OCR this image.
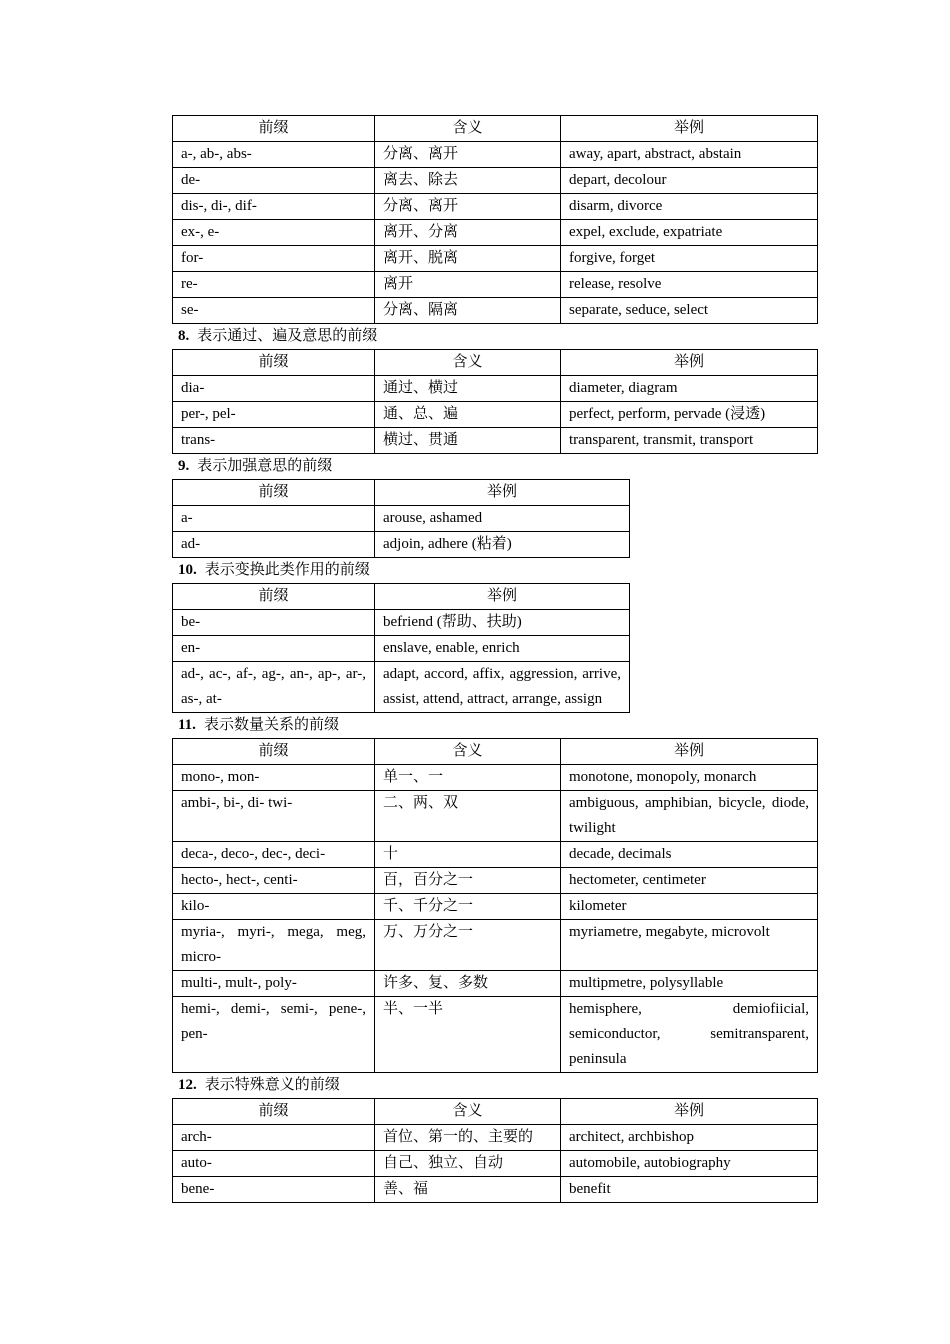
前缀	含义	举例
a-, ab-, abs-	分离、离开	away, apart, abstract, abstain
de-	离去、除去	depart, decolour
dis-, di-, dif-	分离、离开	disarm, divorce
ex-, e-	离开、分离	expel, exclude, expatriate
for-	离开、脱离	forgive, forget
re-	离开	release, resolve
se-	分离、隔离	separate, seduce, select

8. 表示通过、遍及意思的前缀

前缀	含义	举例
dia-	通过、横过	diameter, diagram
per-, pel-	通、总、遍	perfect, perform, pervade (浸透)
trans-	横过、贯通	transparent, transmit, transport

9. 表示加强意思的前缀

前缀	举例
a-	arouse, ashamed
ad-	adjoin, adhere (粘着)

10. 表示变换此类作用的前缀

前缀	举例
be-	befriend (帮助、扶助)
en-	enslave, enable, enrich
ad-, ac-, af-, ag-, an-, ap-, ar-, as-, at-	adapt, accord, affix, aggression, arrive, assist, attend, attract, arrange, assign

11. 表示数量关系的前缀

前缀	含义	举例
mono-, mon-	单一、一	monotone, monopoly, monarch
ambi-, bi-, di- twi-	二、两、双	ambiguous, amphibian, bicycle, diode, twilight
deca-, deco-, dec-, deci-	十	decade, decimals
hecto-, hect-, centi-	百，百分之一	hectometer, centimeter
kilo-	千、千分之一	kilometer
myria-, myri-, mega, meg, micro-	万、万分之一	myriametre, megabyte, microvolt
multi-, mult-, poly-	许多、复、多数	multipmetre, polysyllable
hemi-, demi-, semi-, pene-, pen-	半、一半	hemisphere, demiofiicial, semiconductor, semitransparent, peninsula

12. 表示特殊意义的前缀

前缀	含义	举例
arch-	首位、第一的、主要的	architect, archbishop
auto-	自己、独立、自动	automobile, autobiography
bene-	善、福	benefit
